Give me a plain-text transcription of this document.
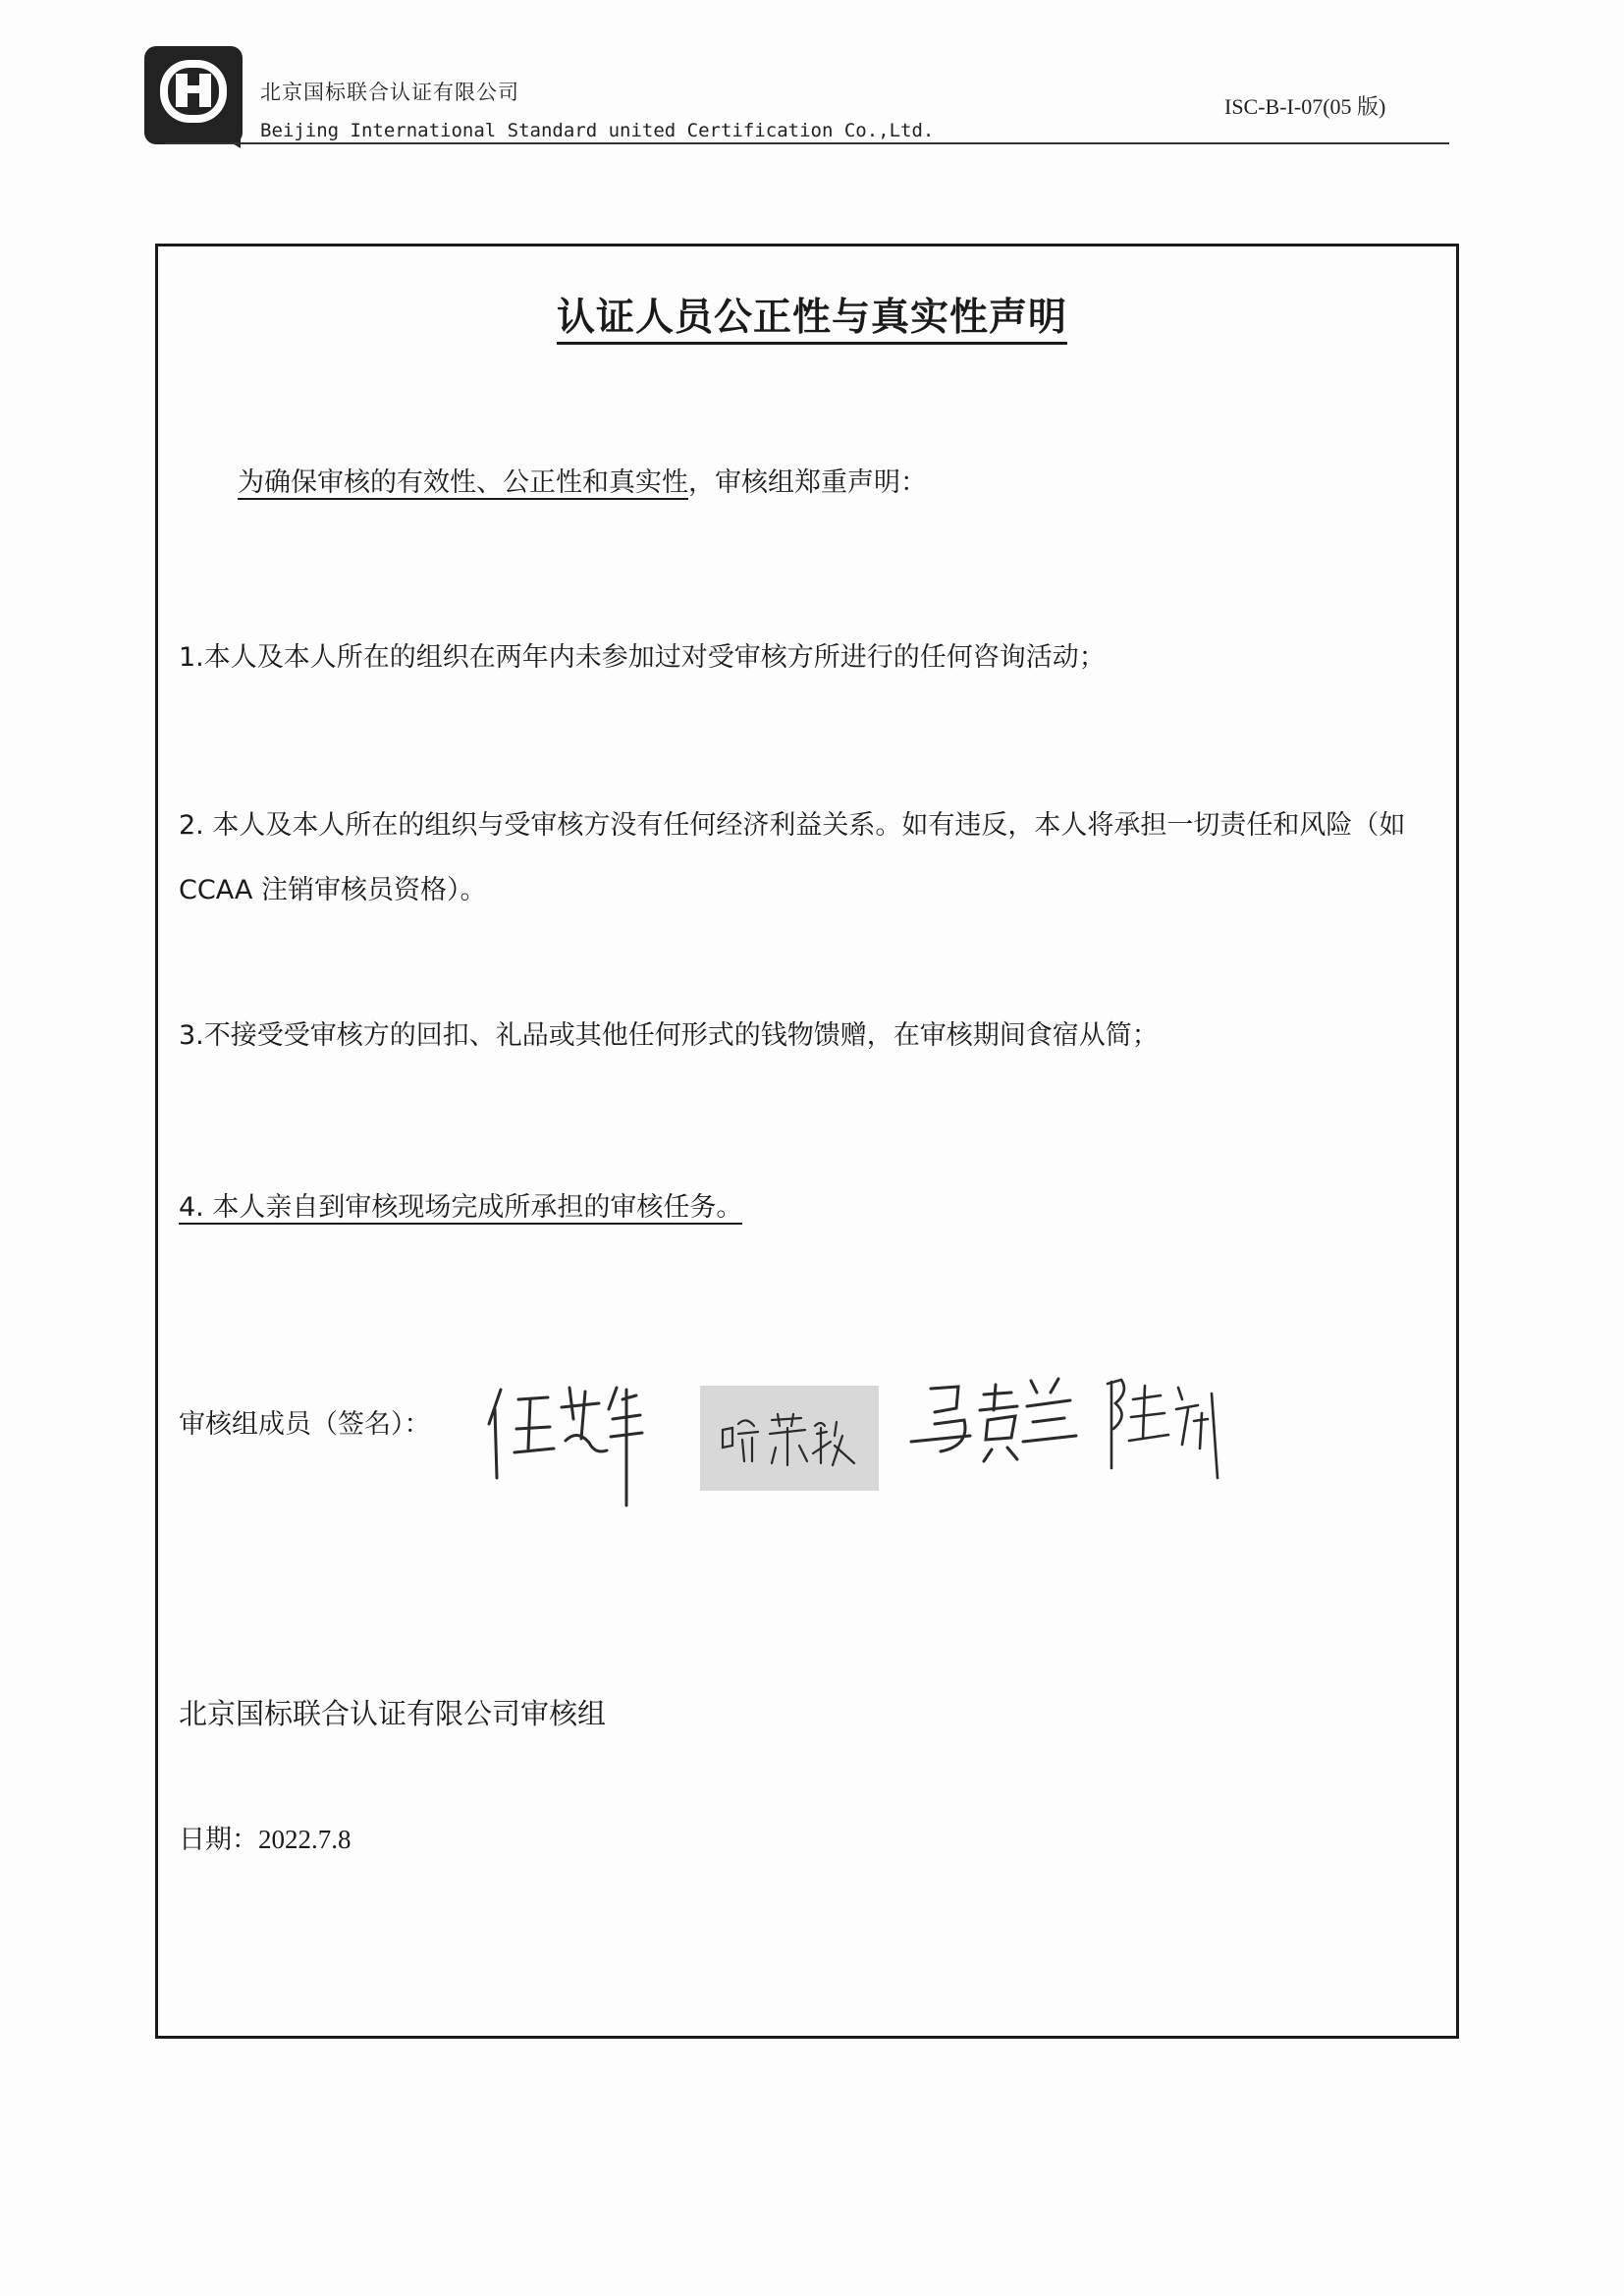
北京国标联合认证有限公司
Beijing International Standard united Certification Co.,Ltd.
ISC-B-I-07(05 版)
认证人员公正性与真实性声明
为确保审核的有效性、公正性和真实性，审核组郑重声明：
1.本人及本人所在的组织在两年内未参加过对受审核方所进行的任何咨询活动；
2. 本人及本人所在的组织与受审核方没有任何经济利益关系。如有违反，本人将承担一切责任和风险（如 CCAA 注销审核员资格）。
3.不接受受审核方的回扣、礼品或其他任何形式的钱物馈赠，在审核期间食宿从简；
4. 本人亲自到审核现场完成所承担的审核任务。
审核组成员（签名）：
北京国标联合认证有限公司审核组
日期：2022.7.8
